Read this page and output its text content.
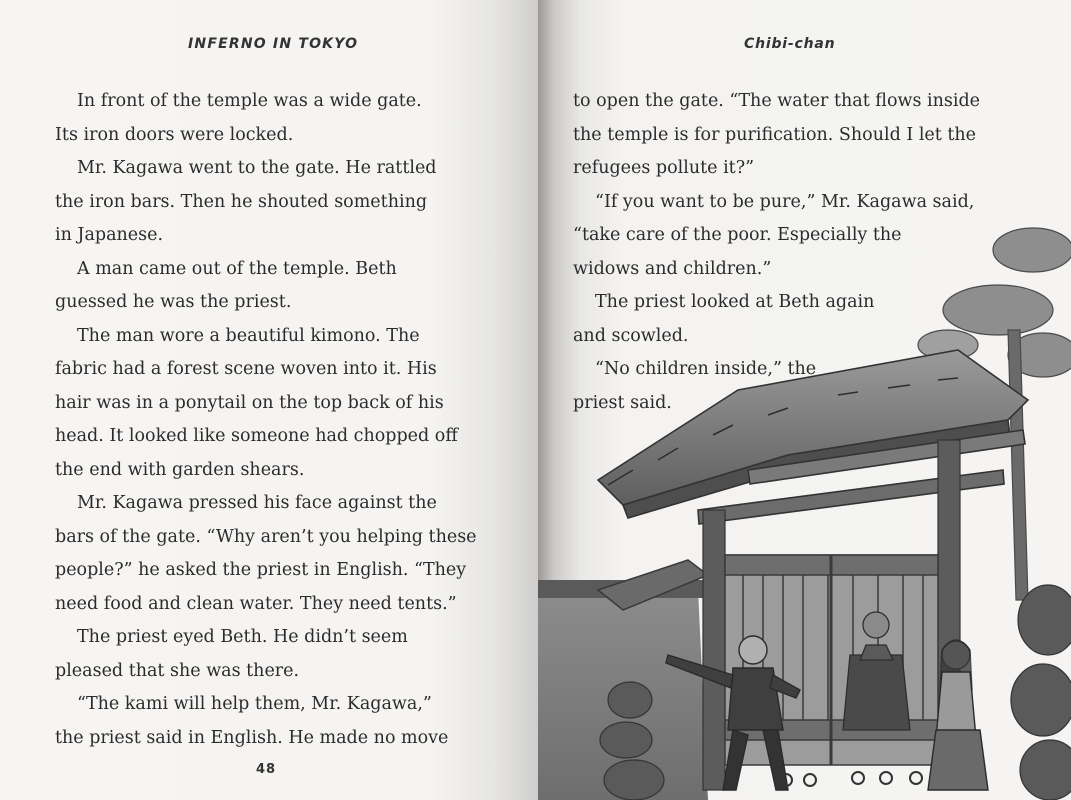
INFERNO IN TOKYO

In front of the temple was a wide gate.

Its iron doors were locked.

Mr. Kagawa went to the gate. He rattled

the iron bars. Then he shouted something

in Japanese.

A man came out of the temple. Beth

guessed he was the priest.

The man wore a beautiful kimono. The

fabric had a forest scene woven into it. His

hair was in a ponytail on the top back of his

head. It looked like someone had chopped off

the end with garden shears.

Mr. Kagawa pressed his face against the

bars of the gate. “Why aren’t you helping these

people?” he asked the priest in English. “They

need food and clean water. They need tents.”

The priest eyed Beth. He didn’t seem

pleased that she was there.

“The kami will help them, Mr. Kagawa,”

the priest said in English. He made no move

48
Chibi-chan

to open the gate. “The water that flows inside

the temple is for purification. Should I let the

refugees pollute it?”

“If you want to be pure,” Mr. Kagawa said,

“take care of the poor. Especially the

widows and children.”

The priest looked at Beth again

and scowled.

“No children inside,” the

priest said.
